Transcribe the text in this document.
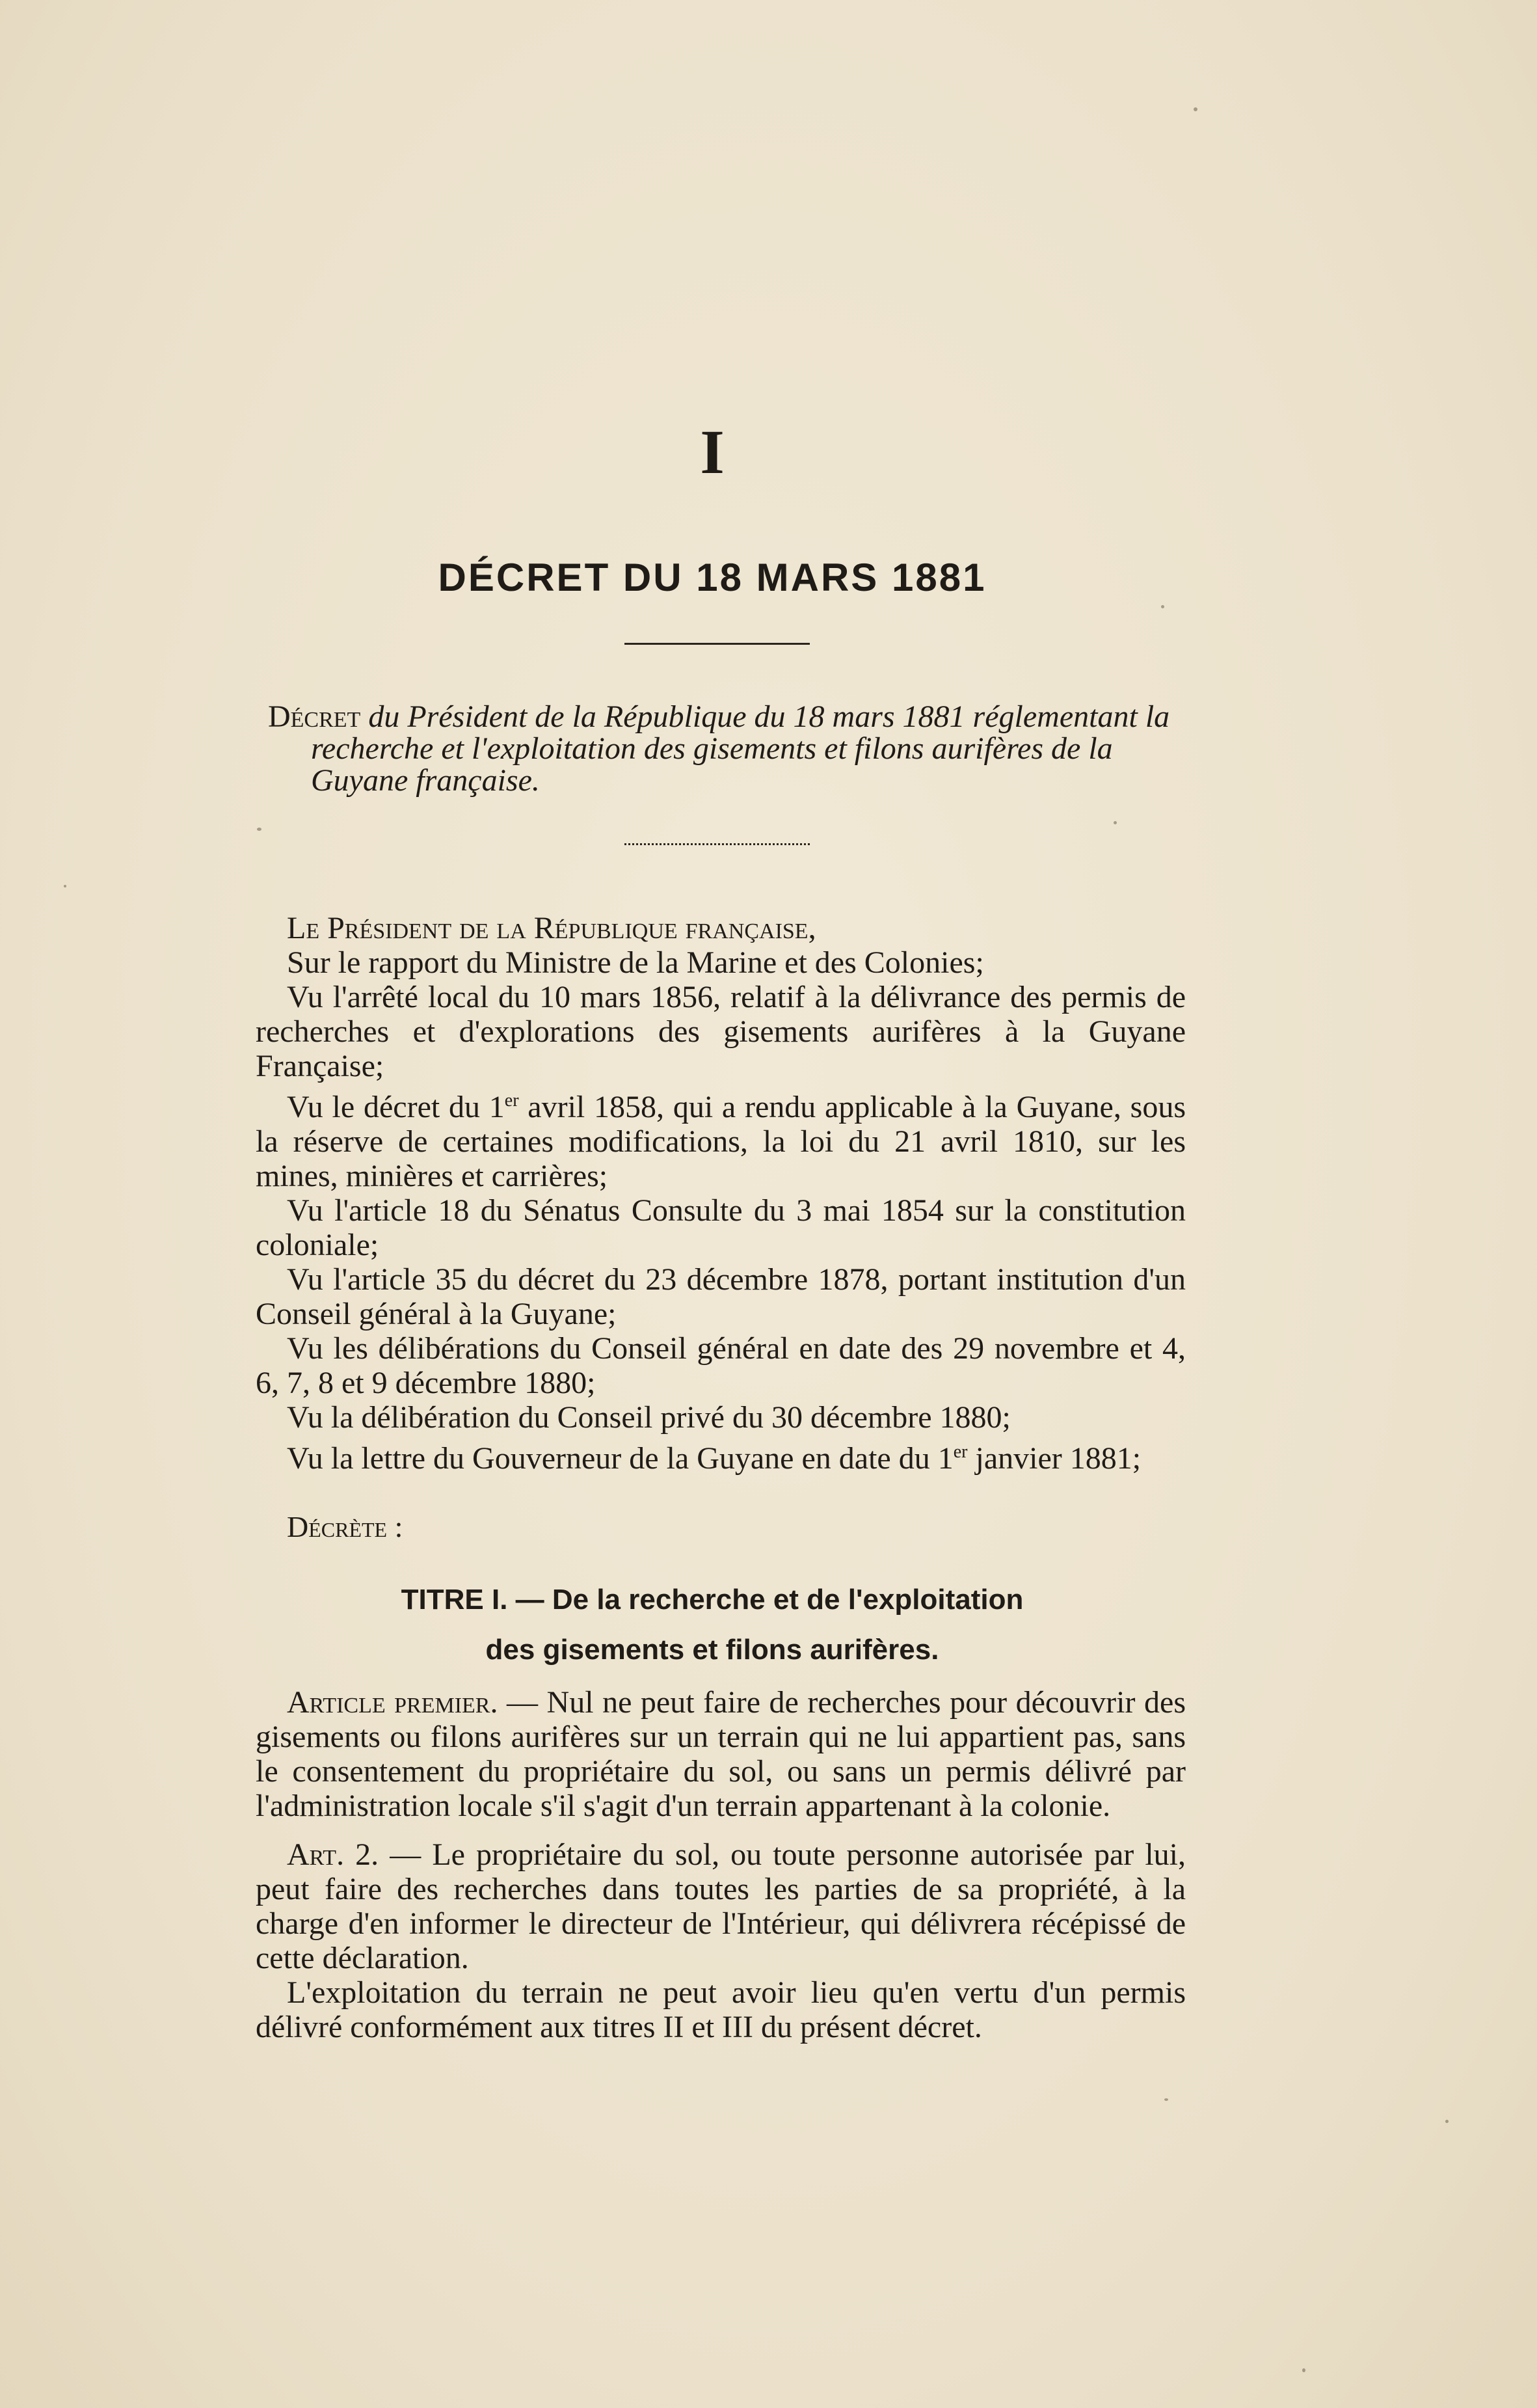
I
DÉCRET DU 18 MARS 1881

Décret du Président de la République du 18 mars 1881 réglementant la recherche et l'exploitation des gisements et filons aurifères de la Guyane française.

Le Président de la République française,

Sur le rapport du Ministre de la Marine et des Colonies;

Vu l'arrêté local du 10 mars 1856, relatif à la délivrance des permis de recherches et d'explorations des gisements aurifères à la Guyane Française;

Vu le décret du 1er avril 1858, qui a rendu applicable à la Guyane, sous la réserve de certaines modifications, la loi du 21 avril 1810, sur les mines, minières et carrières;

Vu l'article 18 du Sénatus Consulte du 3 mai 1854 sur la constitution coloniale;

Vu l'article 35 du décret du 23 décembre 1878, portant institution d'un Conseil général à la Guyane;

Vu les délibérations du Conseil général en date des 29 novembre et 4, 6, 7, 8 et 9 décembre 1880;

Vu la délibération du Conseil privé du 30 décembre 1880;

Vu la lettre du Gouverneur de la Guyane en date du 1er janvier 1881;

Décrète :
TITRE I. — De la recherche et de l'exploitation
des gisements et filons aurifères.

Article premier. — Nul ne peut faire de recherches pour découvrir des gisements ou filons aurifères sur un terrain qui ne lui appartient pas, sans le consentement du propriétaire du sol, ou sans un permis délivré par l'administration locale s'il s'agit d'un terrain appartenant à la colonie.

Art. 2. — Le propriétaire du sol, ou toute personne autorisée par lui, peut faire des recherches dans toutes les parties de sa propriété, à la charge d'en informer le directeur de l'Intérieur, qui délivrera récépissé de cette déclaration.

L'exploitation du terrain ne peut avoir lieu qu'en vertu d'un permis délivré conformément aux titres II et III du présent décret.
